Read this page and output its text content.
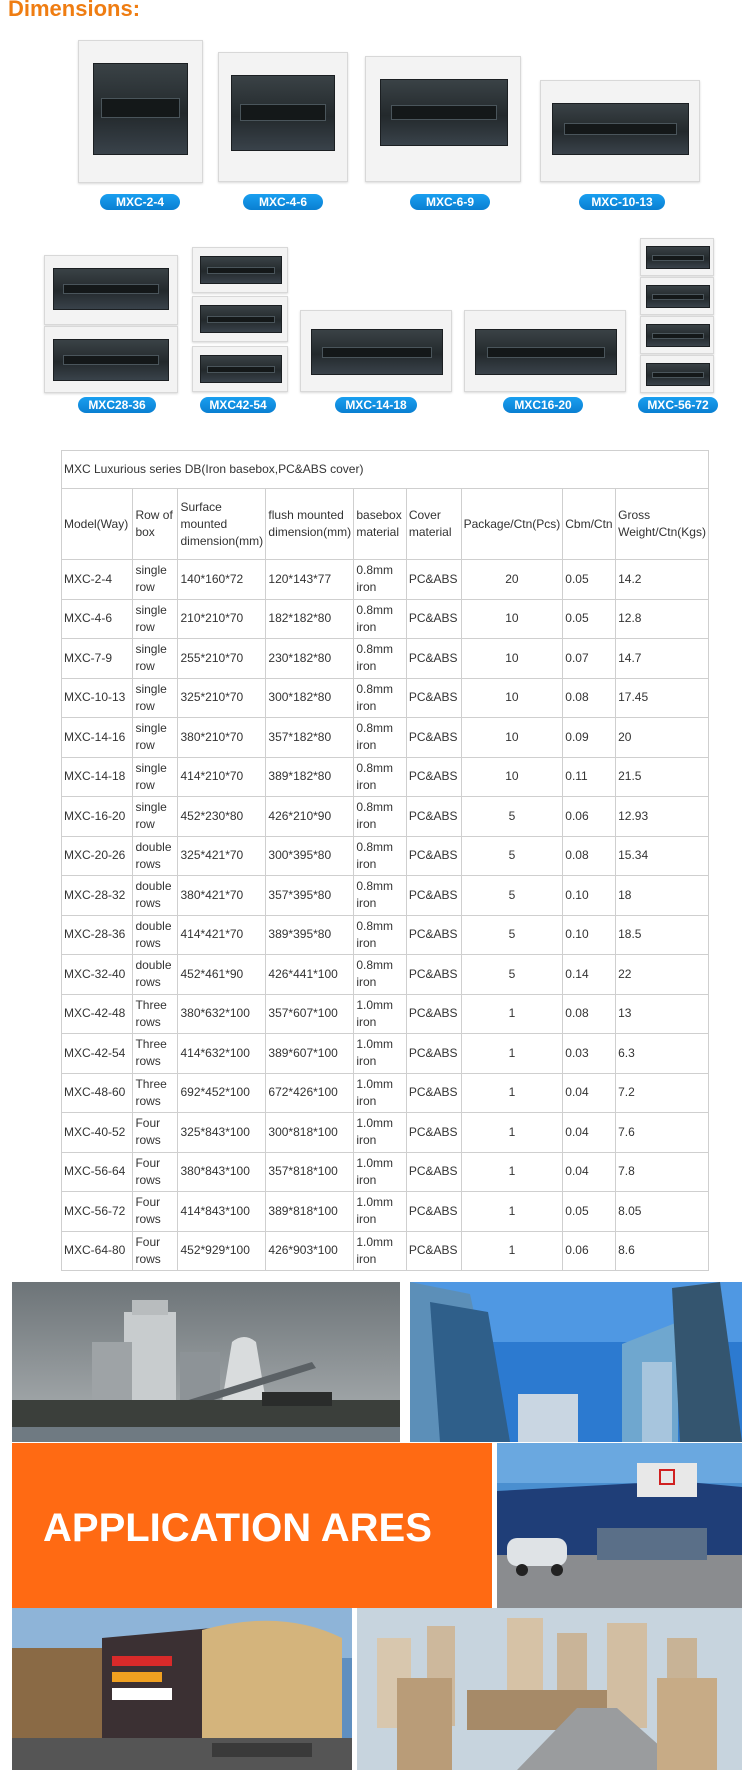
Dimensions:
MXC-2-4	MXC-4-6	MXC-6-9	MXC-10-13
MXC28-36	MXC42-54	MXC-14-18	MXC16-20	MXC-56-72
MXC Luxurious series DB(Iron basebox,PC&ABS cover)								
Model(Way)	Row of box	Surface mounted dimension(mm)	flush mounted dimension(mm)	basebox material	Cover material	Package/Ctn(Pcs)	Cbm/Ctn	Gross Weight/Ctn(Kgs)
MXC-2-4	single row	140*160*72	120*143*77	0.8mm iron	PC&ABS	20	0.05	14.2
MXC-4-6	single row	210*210*70	182*182*80	0.8mm iron	PC&ABS	10	0.05	12.8
MXC-7-9	single row	255*210*70	230*182*80	0.8mm iron	PC&ABS	10	0.07	14.7
MXC-10-13	single row	325*210*70	300*182*80	0.8mm iron	PC&ABS	10	0.08	17.45
MXC-14-16	single row	380*210*70	357*182*80	0.8mm iron	PC&ABS	10	0.09	20
MXC-14-18	single row	414*210*70	389*182*80	0.8mm iron	PC&ABS	10	0.11	21.5
MXC-16-20	single row	452*230*80	426*210*90	0.8mm iron	PC&ABS	5	0.06	12.93
MXC-20-26	double rows	325*421*70	300*395*80	0.8mm iron	PC&ABS	5	0.08	15.34
MXC-28-32	double rows	380*421*70	357*395*80	0.8mm iron	PC&ABS	5	0.10	18
MXC-28-36	double rows	414*421*70	389*395*80	0.8mm iron	PC&ABS	5	0.10	18.5
MXC-32-40	double rows	452*461*90	426*441*100	0.8mm iron	PC&ABS	5	0.14	22
MXC-42-48	Three rows	380*632*100	357*607*100	1.0mm iron	PC&ABS	1	0.08	13
MXC-42-54	Three rows	414*632*100	389*607*100	1.0mm iron	PC&ABS	1	0.03	6.3
MXC-48-60	Three rows	692*452*100	672*426*100	1.0mm iron	PC&ABS	1	0.04	7.2
MXC-40-52	Four rows	325*843*100	300*818*100	1.0mm iron	PC&ABS	1	0.04	7.6
MXC-56-64	Four rows	380*843*100	357*818*100	1.0mm iron	PC&ABS	1	0.04	7.8
MXC-56-72	Four rows	414*843*100	389*818*100	1.0mm iron	PC&ABS	1	0.05	8.05
MXC-64-80	Four rows	452*929*100	426*903*100	1.0mm iron	PC&ABS	1	0.06	8.6
APPLICATION ARES
